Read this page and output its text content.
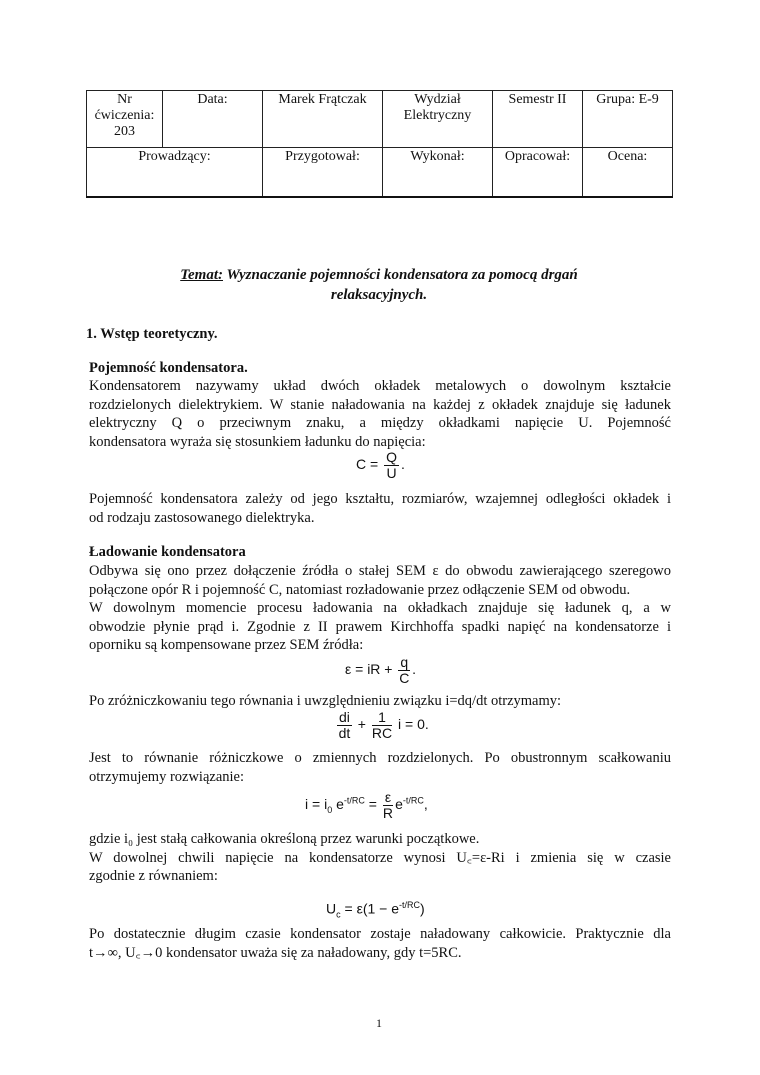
Nr ćwiczenia: 203	Data:	Marek Frątczak	Wydział Elektryczny	Semestr II	Grupa: E-9
Prowadzący:		Przygotował:	Wykonał:	Opracował:	Ocena:
Temat: Wyznaczanie pojemności kondensatora za pomocą drgań
relaksacyjnych.
1. Wstęp teoretyczny.
Pojemność kondensatora.
Kondensatorem nazywamy układ dwóch okładek metalowych o dowolnym kształcie
rozdzielonych dielektrykiem. W stanie naładowania na każdej z okładek znajduje się ładunek
elektryczny Q o przeciwnym znaku, a między okładkami napięcie U. Pojemność
kondensatora wyraża się stosunkiem ładunku do napięcia:
$C = \frac{Q}{U}$ .
Pojemność kondensatora zależy od jego kształtu, rozmiarów, wzajemnej odległości okładek i
od rodzaju zastosowanego dielektryka.
Ładowanie kondensatora
Odbywa się ono przez dołączenie źródła o stałej SEM ε do obwodu zawierającego szeregowo
połączone opór R i pojemność C, natomiast rozładowanie przez odłączenie SEM od obwodu.
W dowolnym momencie procesu ładowania na okładkach znajduje się ładunek q, a w
obwodzie płynie prąd i. Zgodnie z II prawem Kirchhoffa spadki napięć na kondensatorze i
oporniku są kompensowane przez SEM źródła:
ε = iR + $\frac{q}{C}$ .
Po zróżniczkowaniu tego równania i uwzględnieniu związku i=dq/dt otrzymamy:
$\frac{di}{dt} + \frac{1}{RC}$ i = 0.
Jest to równanie różniczkowe o zmiennych rozdzielonych. Po obustronnym scałkowaniu
otrzymujemy rozwiązanie:
$i = i_0$ $e^{-t/RC} = \frac{\varepsilon}{R} e^{-t/RC}$,
gdzie i₀ jest stałą całkowania określoną przez warunki początkowe.
W dowolnej chwili napięcie na kondensatorze wynosi U꜀=ε-Ri i zmienia się w czasie
zgodnie z równaniem:
$U_c = \varepsilon(1 - e^{-t/RC})$
Po dostatecznie długim czasie kondensator zostaje naładowany całkowicie. Praktycznie dla
t→∞, U꜀→0 kondensator uważa się za naładowany, gdy t=5RC.
1
